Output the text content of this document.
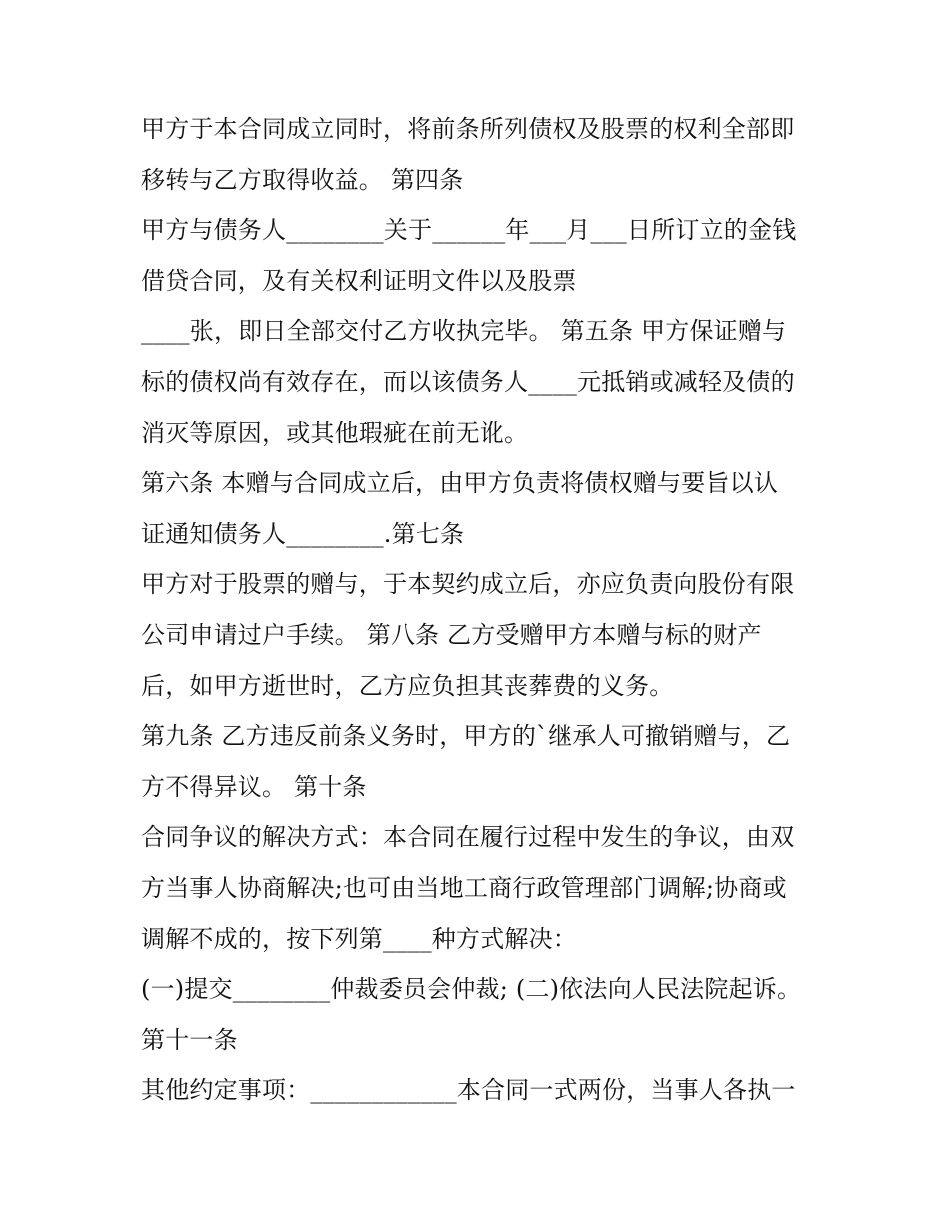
甲方于本合同成立同时，将前条所列债权及股票的权利全部即
移转与乙方取得收益。 第四条
甲方与债务人________关于______年___月___日所订立的金钱
借贷合同，及有关权利证明文件以及股票
____张，即日全部交付乙方收执完毕。 第五条 甲方保证赠与
标的债权尚有效存在，而以该债务人____元抵销或减轻及债的
消灭等原因，或其他瑕疵在前无讹。
第六条 本赠与合同成立后，由甲方负责将债权赠与要旨以认
证通知债务人________.第七条
甲方对于股票的赠与，于本契约成立后，亦应负责向股份有限
公司申请过户手续。 第八条 乙方受赠甲方本赠与标的财产
后，如甲方逝世时，乙方应负担其丧葬费的义务。
第九条 乙方违反前条义务时，甲方的`继承人可撤销赠与，乙
方不得异议。 第十条
合同争议的解决方式：本合同在履行过程中发生的争议，由双
方当事人协商解决;也可由当地工商行政管理部门调解;协商或
调解不成的，按下列第____种方式解决：
(一)提交________仲裁委员会仲裁; (二)依法向人民法院起诉。
第十一条
其他约定事项：____________本合同一式两份，当事人各执一
